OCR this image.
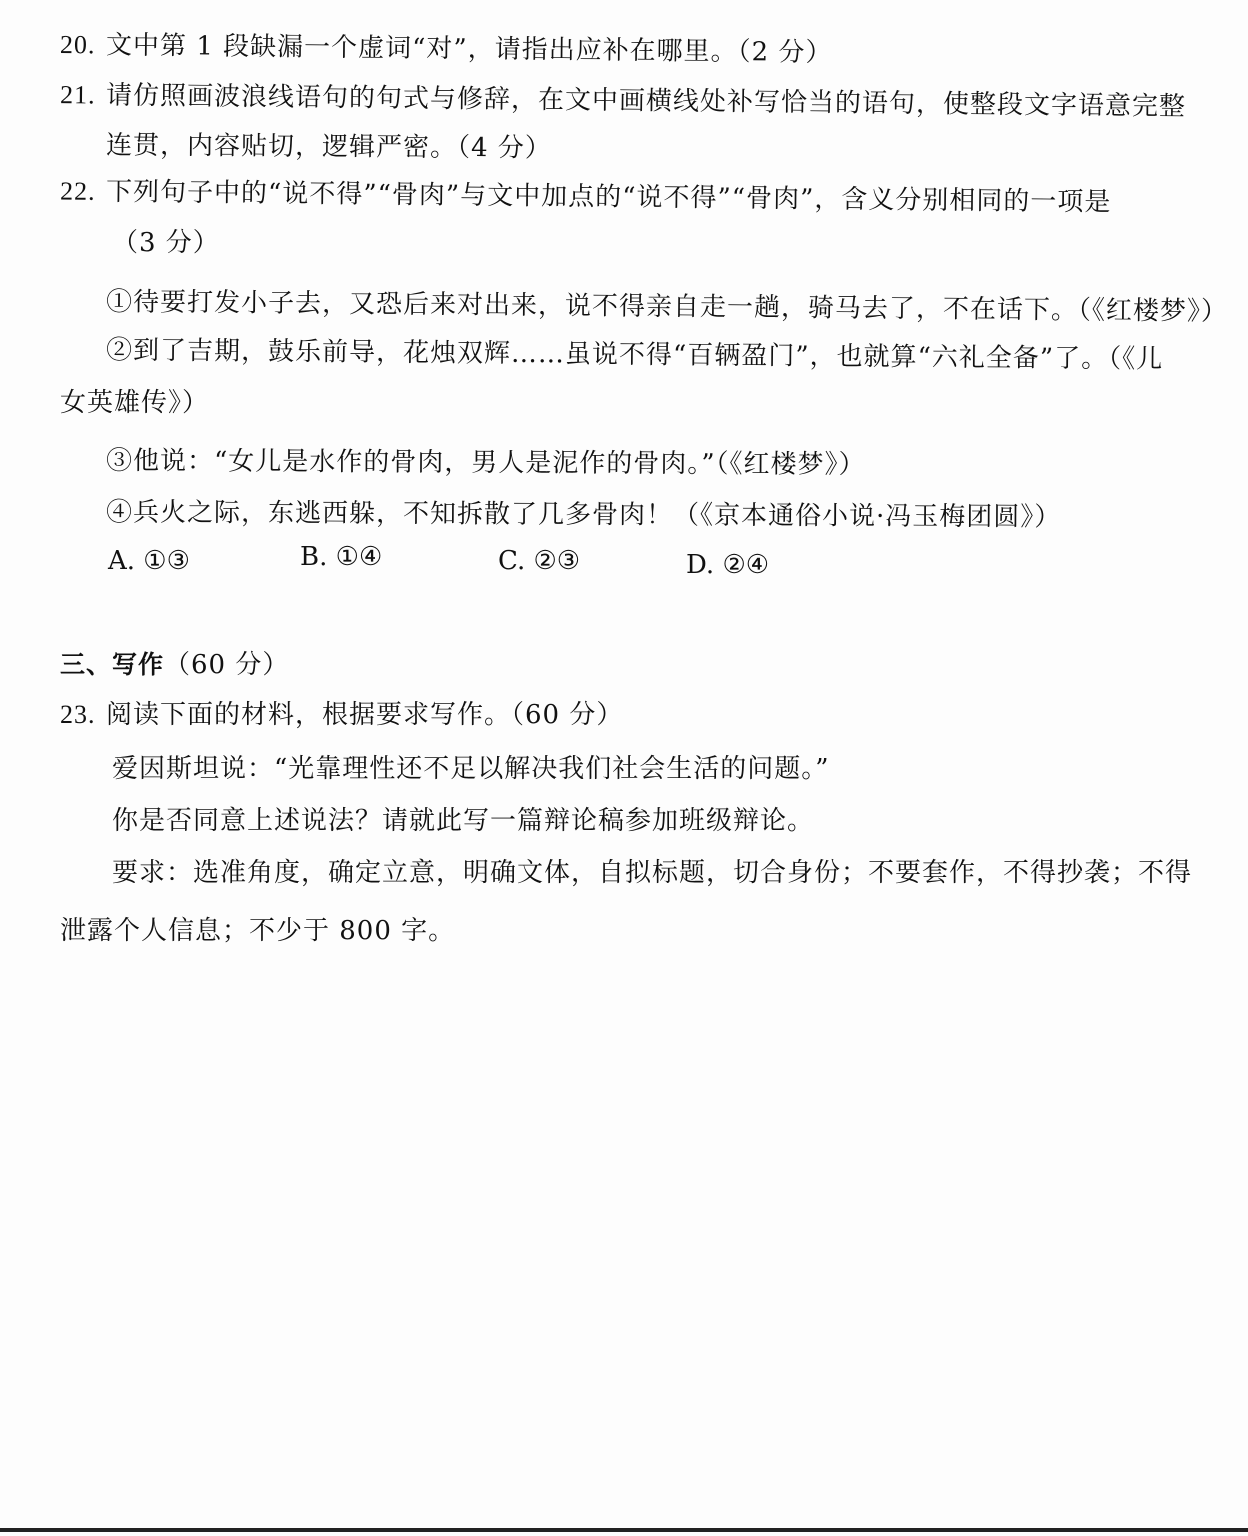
20. 文中第 1 段缺漏一个虚词“对”，请指出应补在哪里。（2 分）
21. 请仿照画波浪线语句的句式与修辞，在文中画横线处补写恰当的语句，使整段文字语意完整
连贯，内容贴切，逻辑严密。（4 分）
22. 下列句子中的“说不得”“骨肉”与文中加点的“说不得”“骨肉”，含义分别相同的一项是
（3 分）
①待要打发小子去，又恐后来对出来，说不得亲自走一趟，骑马去了，不在话下。（《红楼梦》）
②到了吉期，鼓乐前导，花烛双辉……虽说不得“百辆盈门”，也就算“六礼全备”了。（《儿
女英雄传》）
③他说：“女儿是水作的骨肉，男人是泥作的骨肉。”（《红楼梦》）
④兵火之际，东逃西躲，不知拆散了几多骨肉！（《京本通俗小说·冯玉梅团圆》）
A. ①③	B. ①④	C. ②③	D. ②④
三、写作（60 分）
23. 阅读下面的材料，根据要求写作。（60 分）
爱因斯坦说：“光靠理性还不足以解决我们社会生活的问题。”
你是否同意上述说法？请就此写一篇辩论稿参加班级辩论。
要求：选准角度，确定立意，明确文体，自拟标题，切合身份；不要套作，不得抄袭；不得
泄露个人信息；不少于 800 字。
